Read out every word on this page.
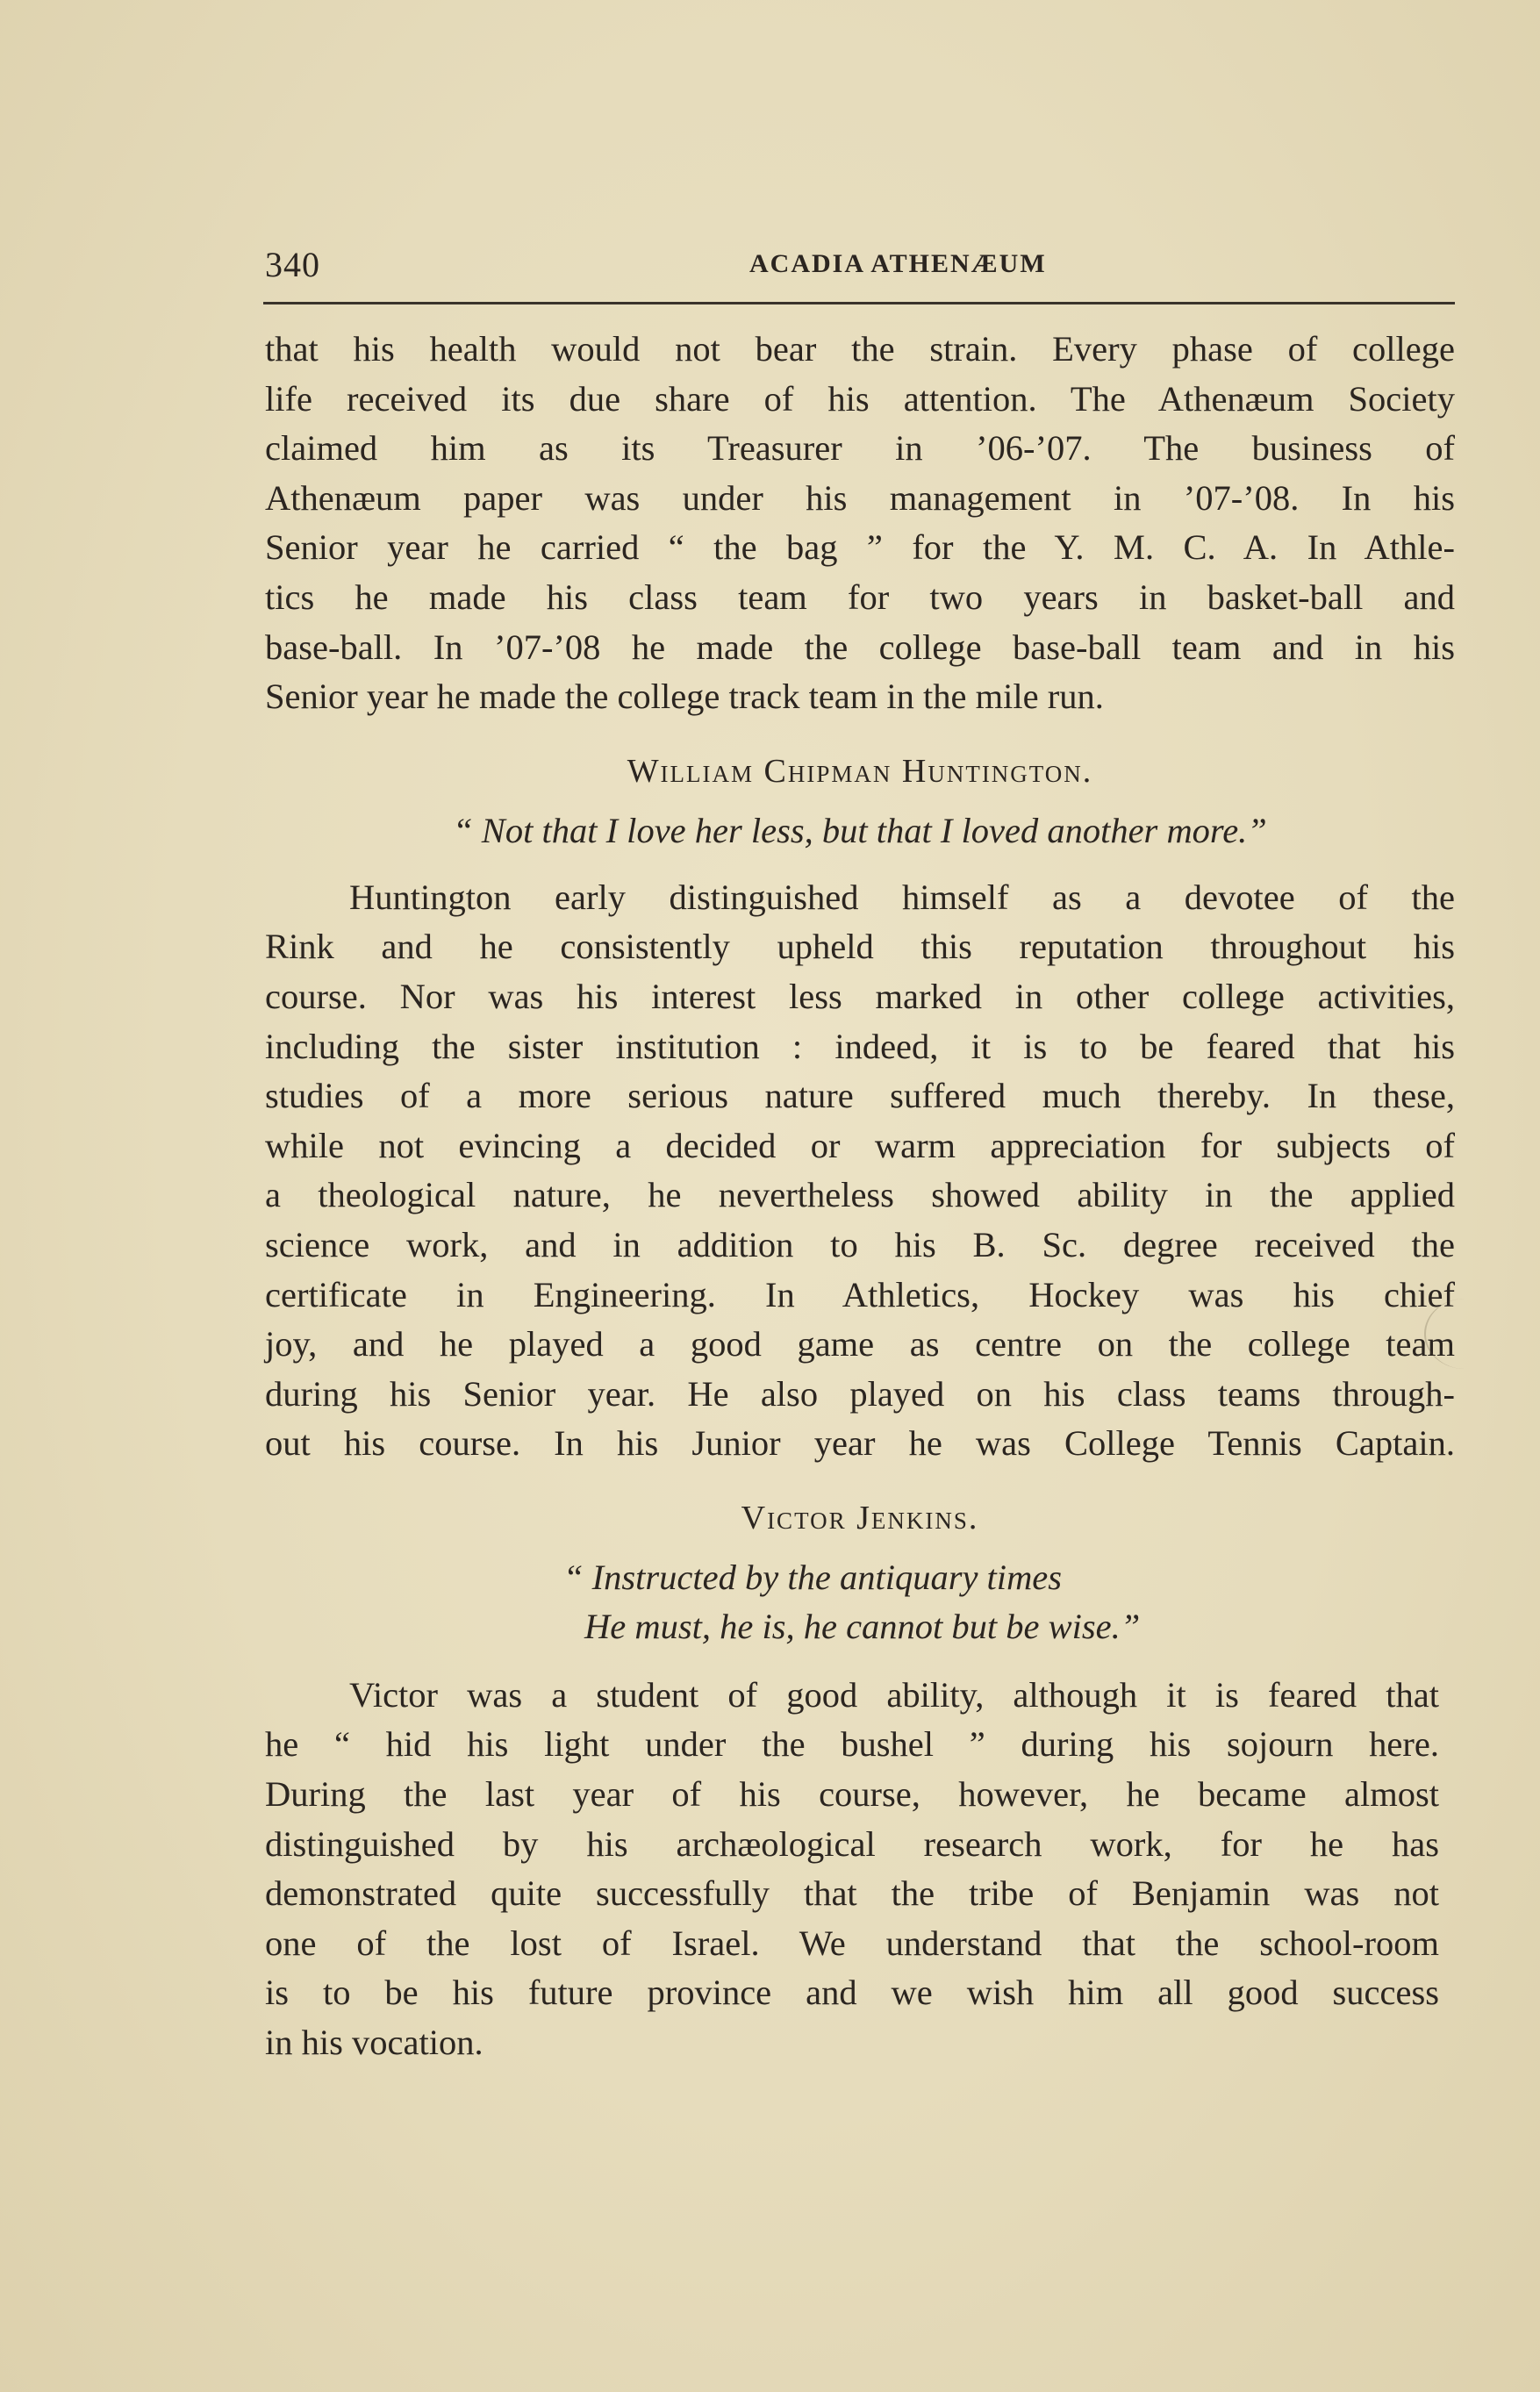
340	ACADIA ATHENÆUM
that his health would not bear the strain. Every phase of college
life received its due share of his attention. The Athenæum Society
claimed him as its Treasurer in ’06-’07. The business of
Athenæum paper was under his management in ’07-’08. In his
Senior year he carried “ the bag ” for the Y. M. C. A. In Athle-
tics he made his class team for two years in basket-ball and
base-ball. In ’07-’08 he made the college base-ball team and in his
Senior year he made the college track team in the mile run.
William Chipman Huntington.
“ Not that I love her less, but that I loved another more.”
Huntington early distinguished himself as a devotee of the
Rink and he consistently upheld this reputation throughout his
course. Nor was his interest less marked in other college activities,
including the sister institution : indeed, it is to be feared that his
studies of a more serious nature suffered much thereby. In these,
while not evincing a decided or warm appreciation for subjects of
a theological nature, he nevertheless showed ability in the applied
science work, and in addition to his B. Sc. degree received the
certificate in Engineering. In Athletics, Hockey was his chief
joy, and he played a good game as centre on the college team
during his Senior year. He also played on his class teams through-
out his course. In his Junior year he was College Tennis Captain.
Victor Jenkins.
“ Instructed by the antiquary times
He must, he is, he cannot but be wise.”
Victor was a student of good ability, although it is feared that
he “ hid his light under the bushel ” during his sojourn here.
During the last year of his course, however, he became almost
distinguished by his archæological research work, for he has
demonstrated quite successfully that the tribe of Benjamin was not
one of the lost of Israel. We understand that the school-room
is to be his future province and we wish him all good success
in his vocation.
